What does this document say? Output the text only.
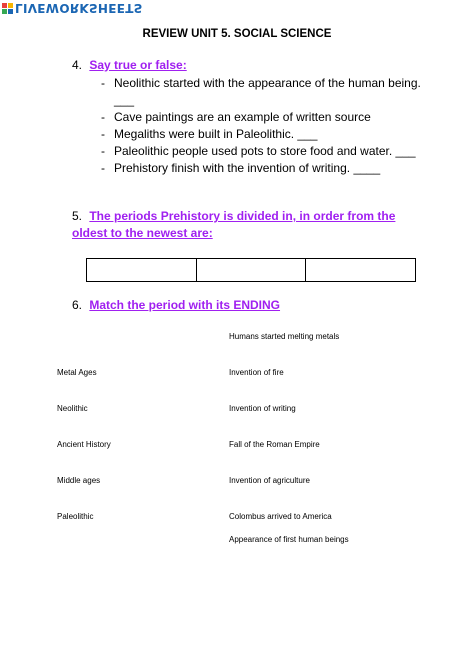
LIVEWORKSHEETS
REVIEW UNIT 5. SOCIAL SCIENCE
4. Say true or false:
- Neolithic started with the appearance of the human being. ___
- Cave paintings are an example of written source
- Megaliths were built in Paleolithic. ___
- Paleolithic people used pots to store food and water. ___
- Prehistory finish with the invention of writing. ____
5. The periods Prehistory is divided in, in order from the oldest to the newest are:

6. Match the period with its ENDING
Metal Ages
Neolithic
Ancient History
Middle ages
Paleolithic
Humans started melting metals
Invention of fire
Invention of writing
Fall of the Roman Empire
Invention of agriculture
Colombus arrived to America
Appearance of first human beings
